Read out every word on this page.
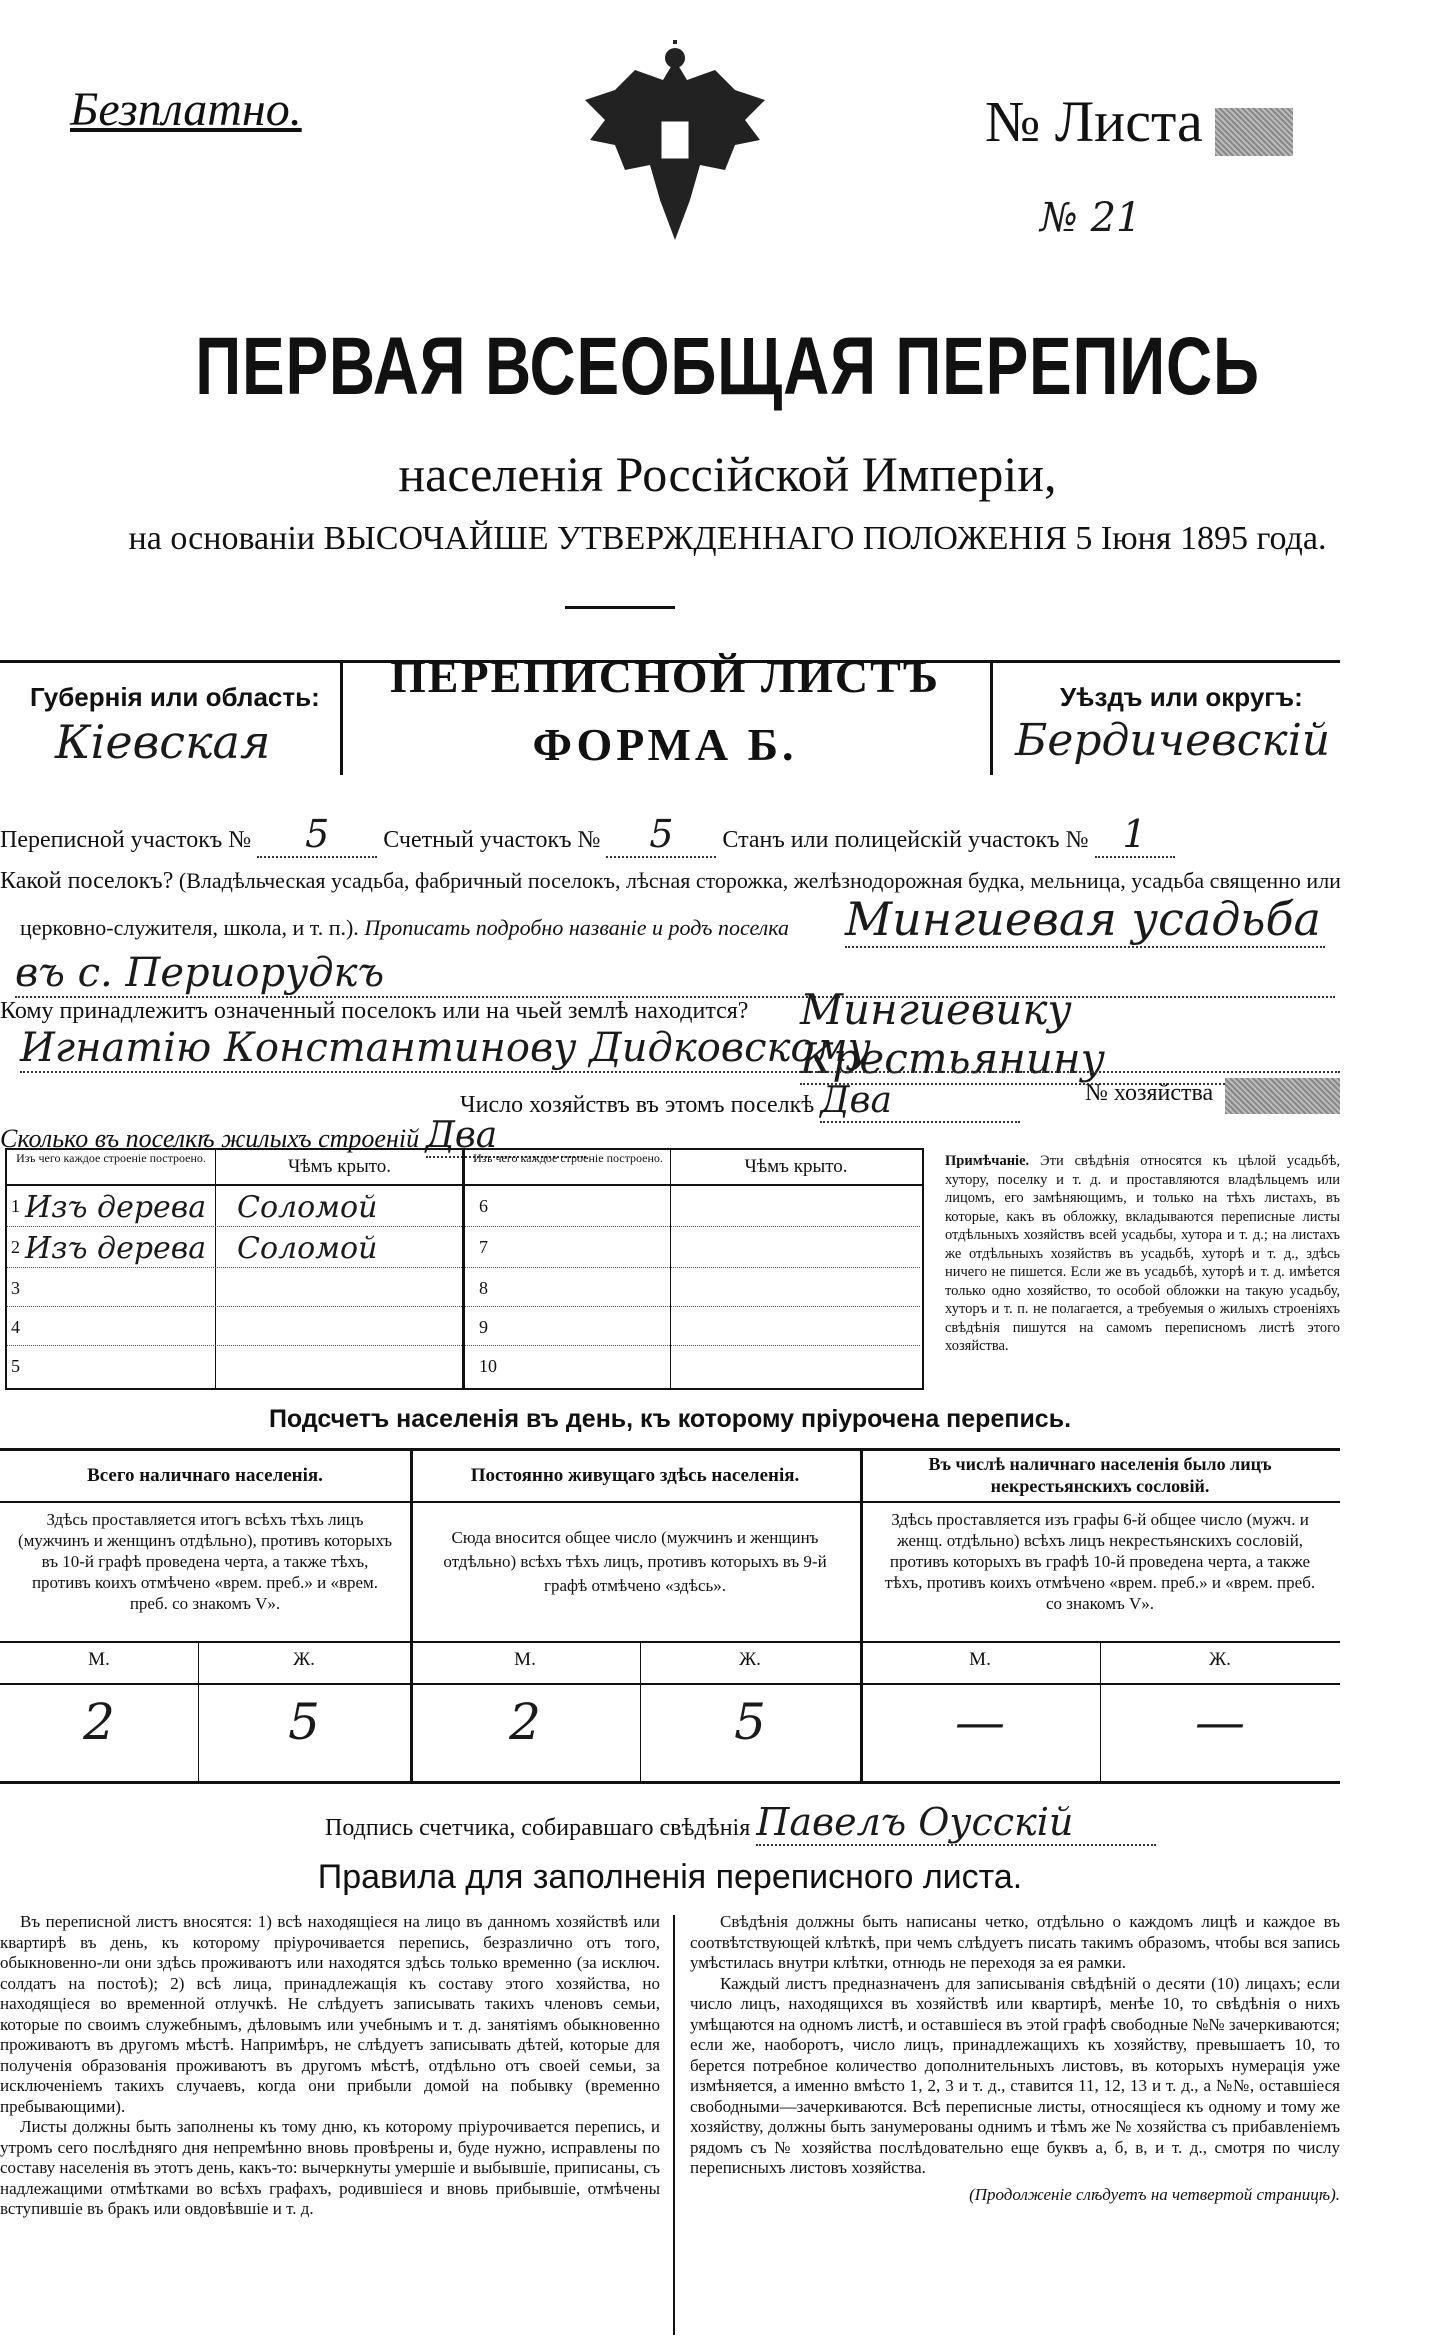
Безплатно.	№ Листа
№ 21
ПЕРВАЯ ВСЕОБЩАЯ ПЕРЕПИСЬ
населенія Россійской Имперіи,
на основаніи ВЫСОЧАЙШЕ УТВЕРЖДЕННАГО ПОЛОЖЕНІЯ 5 Іюня 1895 года.
Губернія или область:
Кiевская
ПЕРЕПИСНОЙ ЛИСТЪ
ФОРМА Б.
Уѣздъ или округъ:
Бердичевскiй
Переписной участокъ № 5 Счетный участокъ № 5 Станъ или полицейскiй участокъ № 1
Какой поселокъ? (Владѣльческая усадьба, фабричный поселокъ, лѣсная сторожка, желѣзнодорожная будка, мельница, усадьба священно или
церковно-служителя, школа, и т. п.). Прописать подробно названіе и родъ поселка Мингиевая усадьба
въ с. Периорудкъ
Кому принадлежитъ означенный поселокъ или на чьей землѣ находится? Мингиевику Крестьянину
Игнатiю Константинову Дидковскому
Число хозяйствъ въ этомъ поселкѣ Два	№ хозяйства
Сколько въ поселкѣ жилыхъ строеній Два
Изъ чего каждое строеніе построено.	Чѣмъ крыто.	Изъ чего каждое строеніе построено.	Чѣмъ крыто.
1 Изъ дерева Соломой
2 Изъ дерева Соломой
3
4
5
6
7
8
9
10
Примѣчаніе. Эти свѣдѣнія относятся къ цѣлой усадьбѣ, хутору, поселку и т. д. и проставляются владѣльцемъ или лицомъ, его замѣняющимъ, и только на тѣхъ листахъ, въ которые, какъ въ обложку, вкладываются переписные листы отдѣльныхъ хозяйствъ всей усадьбы, хутора и т. д.; на листахъ же отдѣльныхъ хозяйствъ въ усадьбѣ, хуторѣ и т. д., здѣсь ничего не пишется. Если же въ усадьбѣ, хуторѣ и т. д. имѣется только одно хозяйство, то особой обложки на такую усадьбу, хуторъ и т. п. не полагается, а требуемыя о жилыхъ строеніяхъ свѣдѣнія пишутся на самомъ переписномъ листѣ этого хозяйства.
Подсчетъ населенія въ день, къ которому пріурочена перепись.
Всего наличнаго населенія.	Постоянно живущаго здѣсь населенія.
Въ числѣ наличнаго населенія было лицъ некрестьянскихъ сословій.
Здѣсь проставляется итогъ всѣхъ тѣхъ лицъ (мужчинъ и женщинъ отдѣльно), противъ которыхъ въ 10-й графѣ проведена черта, а также тѣхъ, противъ коихъ отмѣчено «врем. преб.» и «врем. преб. со знакомъ V».
Сюда вносится общее число (мужчинъ и женщинъ отдѣльно) всѣхъ тѣхъ лицъ, противъ которыхъ въ 9-й графѣ отмѣчено «здѣсь».
Здѣсь проставляется изъ графы 6-й общее число (мужч. и женщ. отдѣльно) всѣхъ лицъ некрестьянскихъ сословій, противъ которыхъ въ графѣ 10-й проведена черта, а также тѣхъ, противъ коихъ отмѣчено «врем. преб.» и «врем. преб. со знакомъ V».
М.	Ж.	М.	Ж.	М.	Ж.
2	5	2	5	—	—
Подпись счетчика, собиравшаго свѣдѣнія Павелъ Оусскiй
Правила для заполненія переписного листа.

Въ переписной листъ вносятся: 1) всѣ находящіеся на лицо въ данномъ хозяйствѣ или квартирѣ въ день, къ которому пріурочивается перепись, безразлично отъ того, обыкновенно-ли они здѣсь проживаютъ или находятся здѣсь только временно (за исключ. солдатъ на постоѣ); 2) всѣ лица, принадлежащія къ составу этого хозяйства, но находящіеся во временной отлучкѣ. Не слѣдуетъ записывать такихъ членовъ семьи, которые по своимъ служебнымъ, дѣловымъ или учебнымъ и т. д. занятіямъ обыкновенно проживаютъ въ другомъ мѣстѣ. Напримѣръ, не слѣдуетъ записывать дѣтей, которые для полученія образованія проживаютъ въ другомъ мѣстѣ, отдѣльно отъ своей семьи, за исключеніемъ такихъ случаевъ, когда они прибыли домой на побывку (временно пребывающими).

Листы должны быть заполнены къ тому дню, къ которому пріурочивается перепись, и утромъ сего послѣдняго дня непремѣнно вновь провѣрены и, буде нужно, исправлены по составу населенія въ этотъ день, какъ-то: вычеркнуты умершіе и выбывшіе, приписаны, съ надлежащими отмѣтками во всѣхъ графахъ, родившіеся и вновь прибывшіе, отмѣчены вступившіе въ бракъ или овдовѣвшіе и т. д.

Свѣдѣнія должны быть написаны четко, отдѣльно о каждомъ лицѣ и каждое въ соотвѣтствующей клѣткѣ, при чемъ слѣдуетъ писать такимъ образомъ, чтобы вся запись умѣстилась внутри клѣтки, отнюдь не переходя за ея рамки.

Каждый листъ предназначенъ для записыванія свѣдѣній о десяти (10) лицахъ; если число лицъ, находящихся въ хозяйствѣ или квартирѣ, менѣе 10, то свѣдѣнія о нихъ умѣщаются на одномъ листѣ, и оставшіеся въ этой графѣ свободные №№ зачеркиваются; если же, наоборотъ, число лицъ, принадлежащихъ къ хозяйству, превышаетъ 10, то берется потребное количество дополнительныхъ листовъ, въ которыхъ нумерація уже измѣняется, а именно вмѣсто 1, 2, 3 и т. д., ставится 11, 12, 13 и т. д., а №№, оставшіеся свободными—зачеркиваются. Всѣ переписные листы, относящіеся къ одному и тому же хозяйству, должны быть занумерованы однимъ и тѣмъ же № хозяйства съ прибавленіемъ рядомъ съ № хозяйства послѣдовательно еще буквъ а, б, в, и т. д., смотря по числу переписныхъ листовъ хозяйства.

(Продолженіе слѣдуетъ на четвертой страницѣ).
